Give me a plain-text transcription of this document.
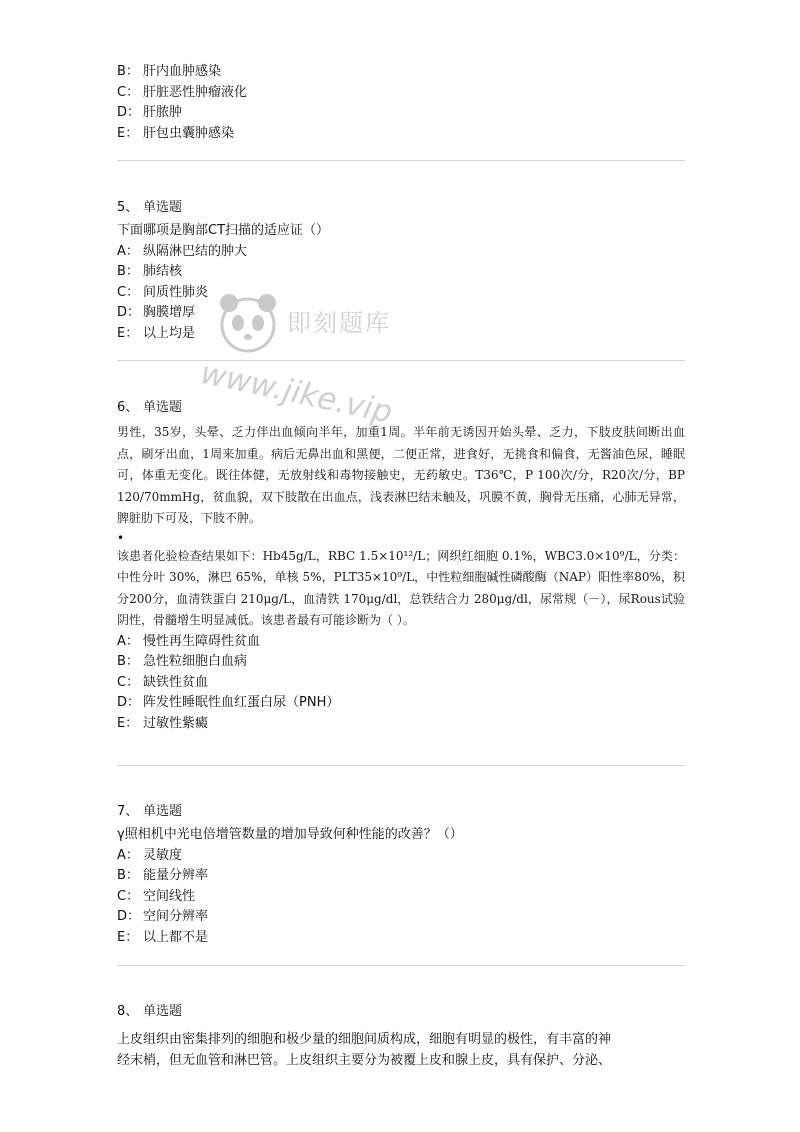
B： 肝内血肿感染
C： 肝脏恶性肿瘤液化
D： 肝脓肿
E： 肝包虫囊肿感染
5、 单选题
下面哪项是胸部CT扫描的适应证（）
A： 纵隔淋巴结的肿大
B： 肺结核
C： 间质性肺炎
D： 胸膜增厚
E： 以上均是
6、 单选题
男性，35岁，头晕、乏力伴出血倾向半年，加重1周。半年前无诱因开始头晕、乏力，下肢皮肤间断出血点，刷牙出血，1周来加重。病后无鼻出血和黑便，二便正常，进食好，无挑食和偏食，无酱油色尿，睡眠可，体重无变化。既往体健，无放射线和毒物接触史，无药敏史。T36℃，P 100次/分，R20次/分，BP 120/70mmHg，贫血貌，双下肢散在出血点，浅表淋巴结未触及，巩膜不黄，胸骨无压痛，心肺无异常，脾脏肋下可及，下肢不肿。
•
该患者化验检查结果如下：Hb45g/L，RBC 1.5×10¹²/L；网织红细胞 0.1%，WBC3.0×10⁹/L，分类：中性分叶 30%，淋巴 65%，单核 5%，PLT35×10⁹/L，中性粒细胞碱性磷酸酶（NAP）阳性率80%，积分200分，血清铁蛋白 210μg/L，血清铁 170μg/dl，总铁结合力 280μg/dl，尿常规（－），尿Rous试验阴性，骨髓增生明显减低。该患者最有可能诊断为（ ）。
A： 慢性再生障碍性贫血
B： 急性粒细胞白血病
C： 缺铁性贫血
D： 阵发性睡眠性血红蛋白尿（PNH）
E： 过敏性紫癜
7、 单选题
γ照相机中光电倍增管数量的增加导致何种性能的改善？（）
A： 灵敏度
B： 能量分辨率
C： 空间线性
D： 空间分辨率
E： 以上都不是
8、 单选题
上皮组织由密集排列的细胞和极少量的细胞间质构成，细胞有明显的极性，有丰富的神
经末梢，但无血管和淋巴管。上皮组织主要分为被覆上皮和腺上皮，具有保护、分泌、
即刻题库
www.jike.vip
